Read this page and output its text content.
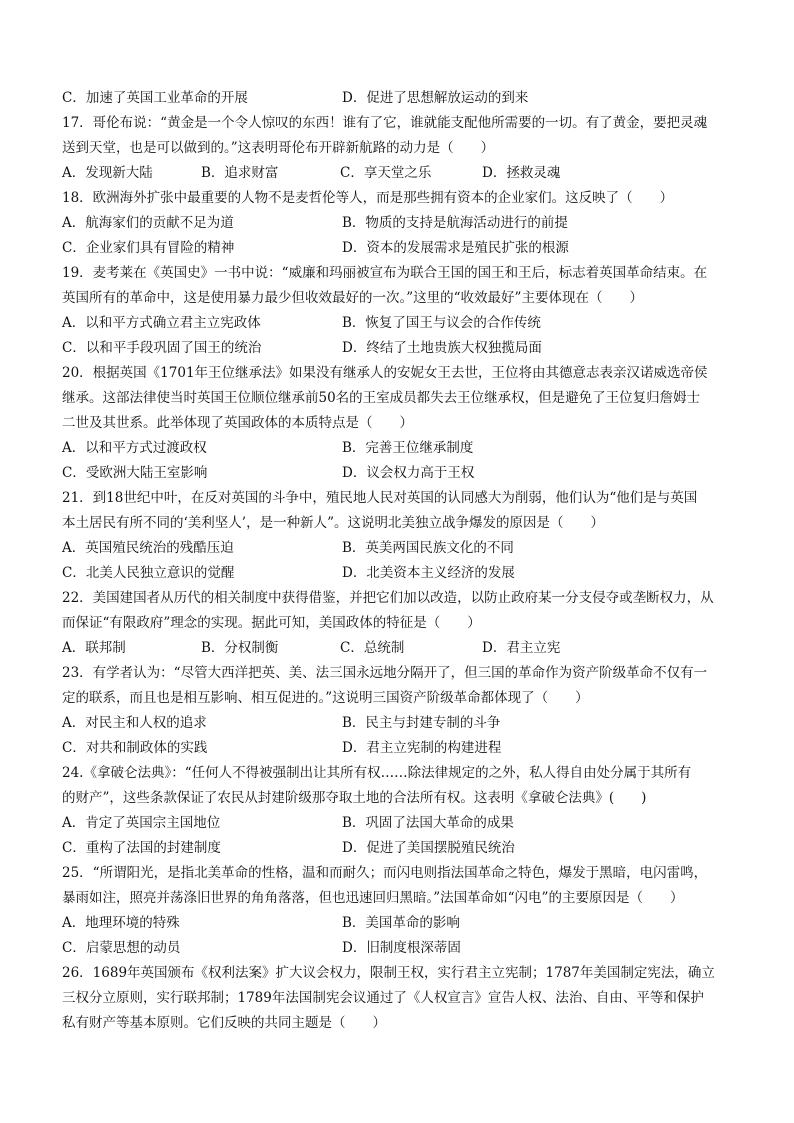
C．加速了英国工业革命的开展	D．促进了思想解放运动的到来
17．哥伦布说：“黄金是一个令人惊叹的东西！谁有了它，谁就能支配他所需要的一切。有了黄金，要把灵魂
送到天堂，也是可以做到的。”这表明哥伦布开辟新航路的动力是（　　）
A．发现新大陆	B．追求财富	C．享天堂之乐	D．拯救灵魂
18．欧洲海外扩张中最重要的人物不是麦哲伦等人，而是那些拥有资本的企业家们。这反映了（　　）
A．航海家们的贡献不足为道	B．物质的支持是航海活动进行的前提
C．企业家们具有冒险的精神	D．资本的发展需求是殖民扩张的根源
19．麦考莱在《英国史》一书中说：“威廉和玛丽被宣布为联合王国的国王和王后，标志着英国革命结束。在
英国所有的革命中，这是使用暴力最少但收效最好的一次。”这里的“收效最好”主要体现在（　　）
A．以和平方式确立君主立宪政体	B．恢复了国王与议会的合作传统
C．以和平手段巩固了国王的统治	D．终结了土地贵族大权独揽局面
20．根据英国《1701年王位继承法》如果没有继承人的安妮女王去世，王位将由其德意志表亲汉诺威选帝侯
继承。这部法律使当时英国王位顺位继承前50名的王室成员都失去王位继承权，但是避免了王位复归詹姆士
二世及其世系。此举体现了英国政体的本质特点是（　　）
A．以和平方式过渡政权	B．完善王位继承制度
C．受欧洲大陆王室影响	D．议会权力高于王权
21．到18世纪中叶，在反对英国的斗争中，殖民地人民对英国的认同感大为削弱，他们认为“他们是与英国
本土居民有所不同的‘美利坚人’，是一种新人”。这说明北美独立战争爆发的原因是（　　）
A．英国殖民统治的残酷压迫	B．英美两国民族文化的不同
C．北美人民独立意识的觉醒	D．北美资本主义经济的发展
22．美国建国者从历代的相关制度中获得借鉴，并把它们加以改造，以防止政府某一分支侵夺或垄断权力，从
而保证“有限政府”理念的实现。据此可知，美国政体的特征是（　　）
A．联邦制	B．分权制衡	C．总统制	D．君主立宪
23．有学者认为：“尽管大西洋把英、美、法三国永远地分隔开了，但三国的革命作为资产阶级革命不仅有一
定的联系，而且也是相互影响、相互促进的。”这说明三国资产阶级革命都体现了（　　）
A．对民主和人权的追求	B．民主与封建专制的斗争
C．对共和制政体的实践	D．君主立宪制的构建进程
24.《拿破仑法典》：“任何人不得被强制出让其所有权……除法律规定的之外，私人得自由处分属于其所有
的财产”，这些条款保证了农民从封建阶级那夺取土地的合法所有权。这表明《拿破仑法典》(　　)
A．肯定了英国宗主国地位	B．巩固了法国大革命的成果
C．重构了法国的封建制度	D．促进了美国摆脱殖民统治
25．“所谓阳光，是指北美革命的性格，温和而耐久；而闪电则指法国革命之特色，爆发于黑暗，电闪雷鸣，
暴雨如注，照亮并荡涤旧世界的角角落落，但也迅速回归黑暗。”法国革命如“闪电”的主要原因是（　　）
A．地理环境的特殊	B．美国革命的影响
C．启蒙思想的动员	D．旧制度根深蒂固
26．1689年英国颁布《权利法案》扩大议会权力，限制王权，实行君主立宪制；1787年美国制定宪法，确立
三权分立原则，实行联邦制；1789年法国制宪会议通过了《人权宣言》宣告人权、法治、自由、平等和保护
私有财产等基本原则。它们反映的共同主题是（　　）
